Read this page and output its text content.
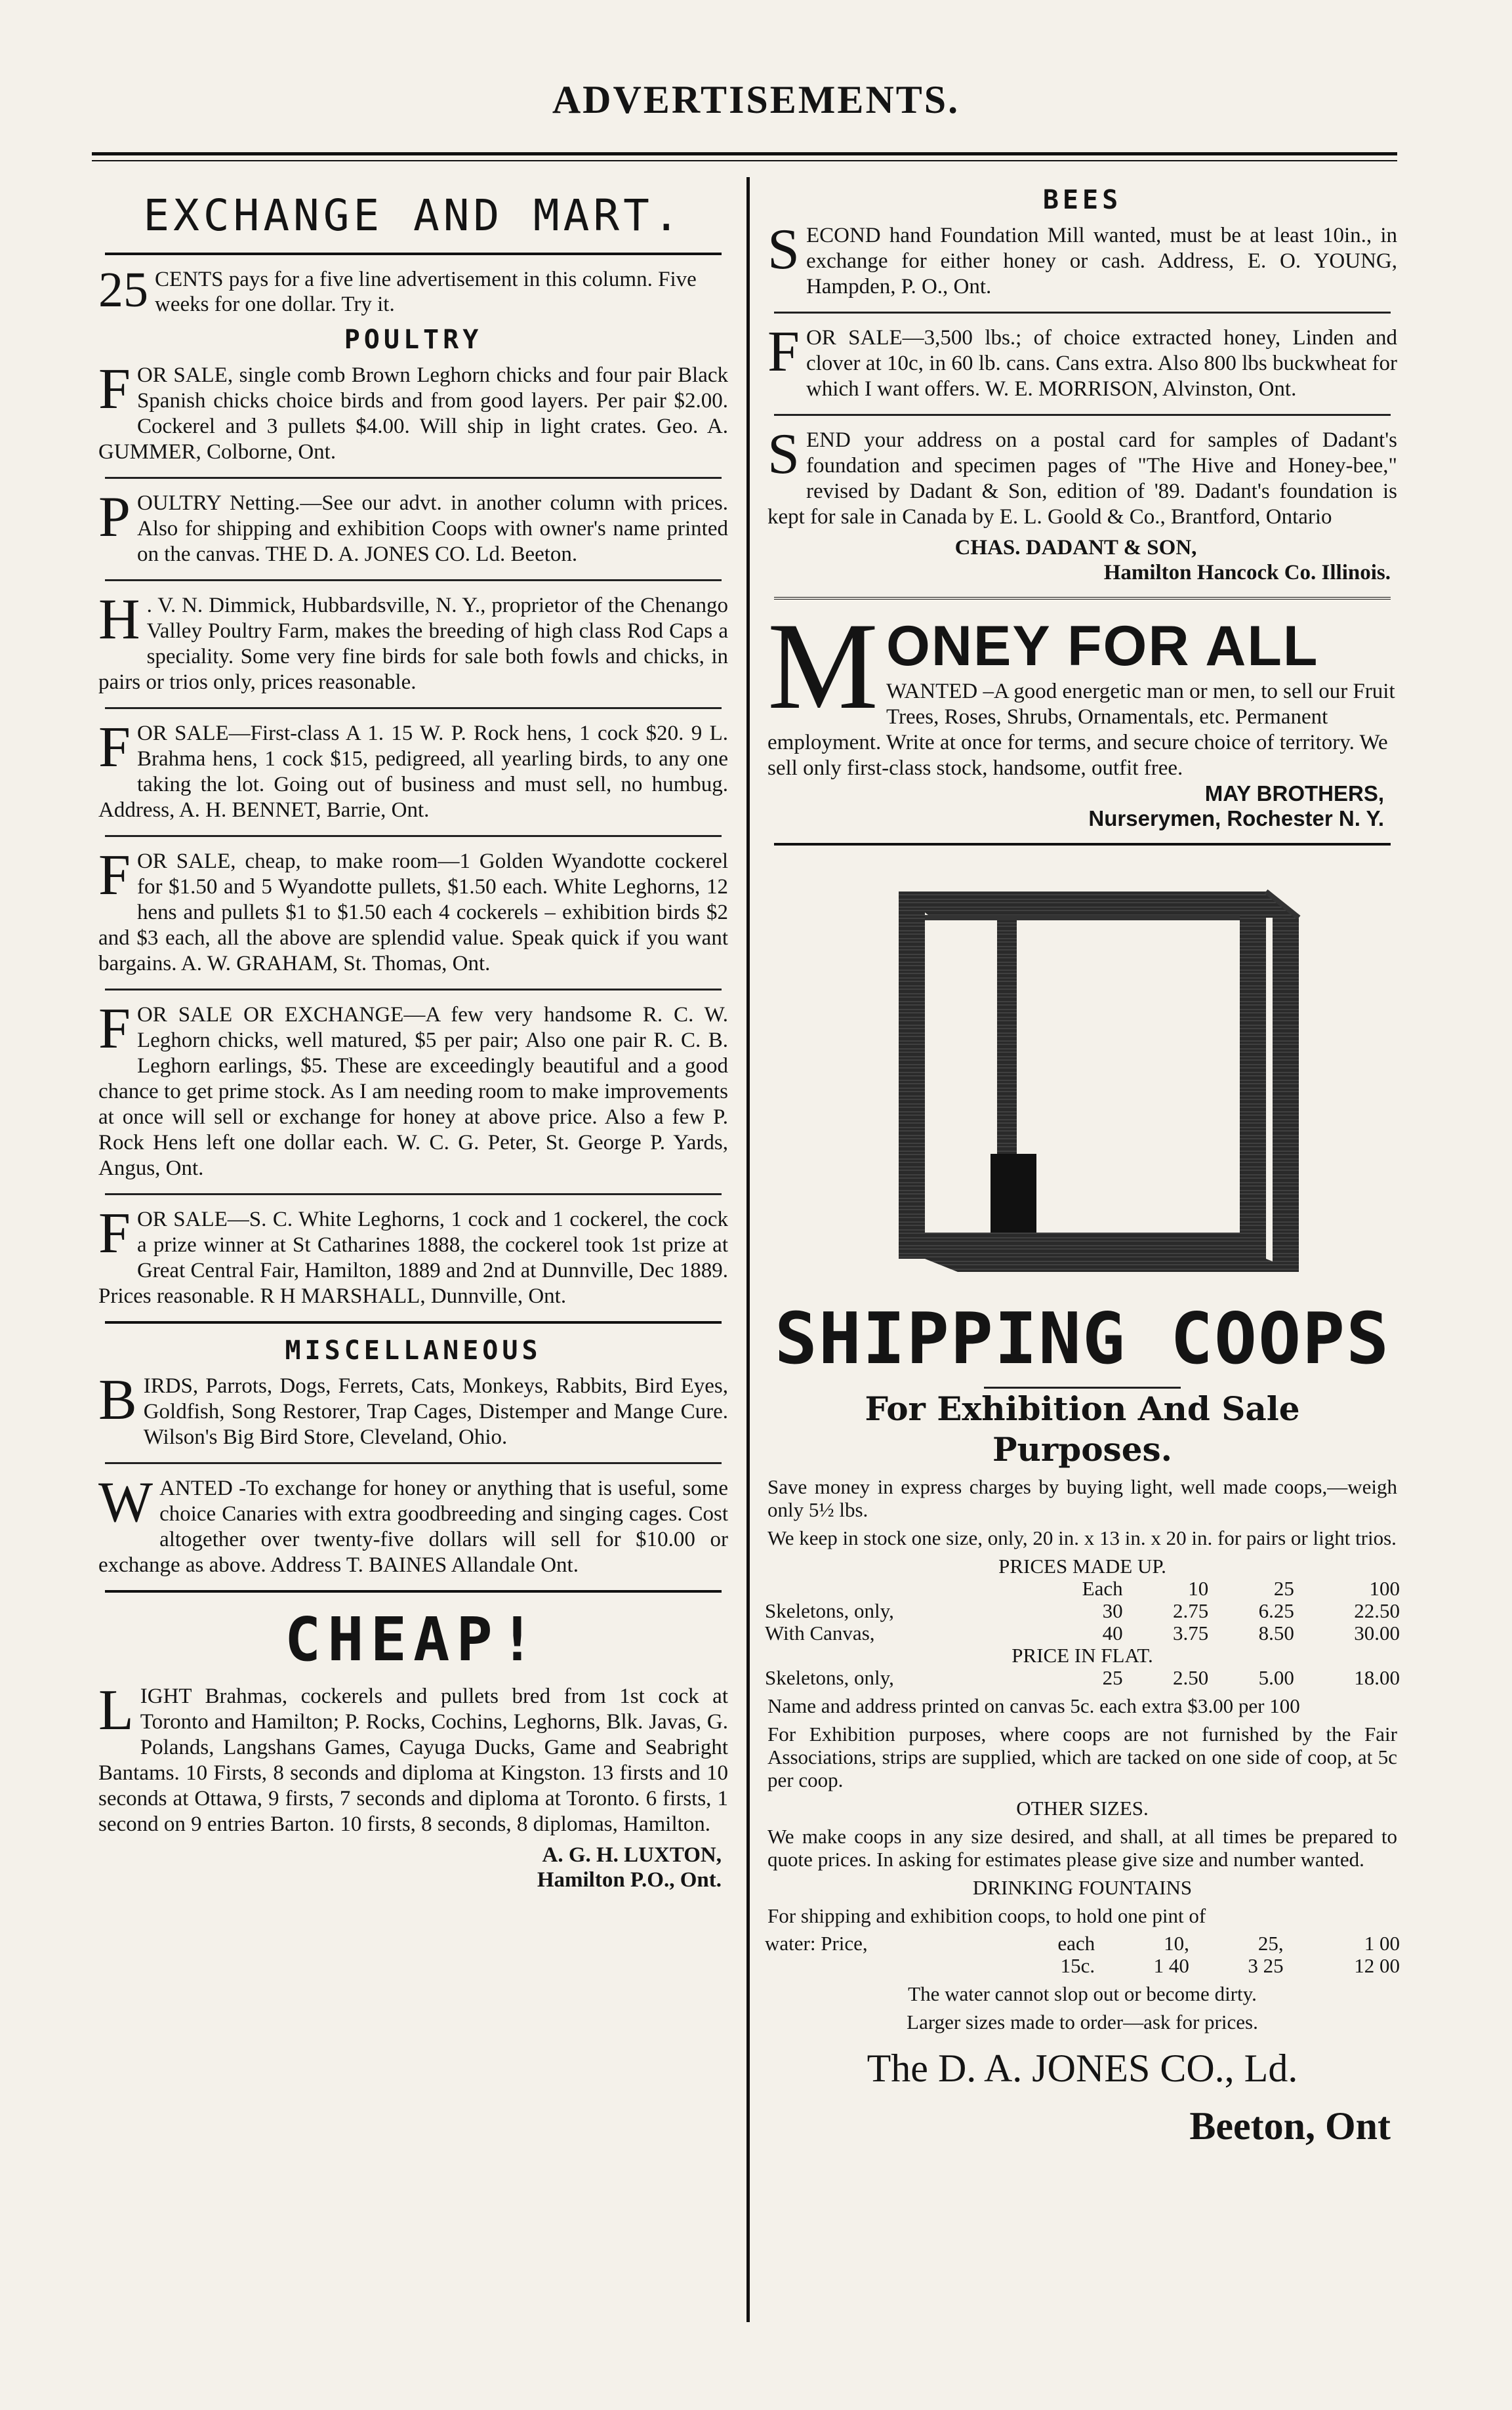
ADVERTISEMENTS.
EXCHANGE AND MART.
25 CENTS pays for a five line advertisement in this column. Five weeks for one dollar. Try it.
POULTRY
FOR SALE, single comb Brown Leghorn chicks and four pair Black Spanish chicks choice birds and from good layers. Per pair $2.00. Cockerel and 3 pullets $4.00. Will ship in light crates. Geo. A. GUMMER, Colborne, Ont.
POULTRY Netting.—See our advt. in another column with prices. Also for shipping and exhibition Coops with owner's name printed on the canvas. THE D. A. JONES CO. Ld. Beeton.
H . V. N. Dimmick, Hubbardsville, N. Y., proprietor of the Chenango Valley Poultry Farm, makes the breeding of high class Rod Caps a speciality. Some very fine birds for sale both fowls and chicks, in pairs or trios only, prices reasonable.
FOR SALE—First-class A 1. 15 W. P. Rock hens, 1 cock $20. 9 L. Brahma hens, 1 cock $15, pedigreed, all yearling birds, to any one taking the lot. Going out of business and must sell, no humbug. Address, A. H. BENNET, Barrie, Ont.
FOR SALE, cheap, to make room—1 Golden Wyandotte cockerel for $1.50 and 5 Wyandotte pullets, $1.50 each. White Leghorns, 12 hens and pullets $1 to $1.50 each 4 cockerels – exhibition birds $2 and $3 each, all the above are splendid value. Speak quick if you want bargains. A. W. GRAHAM, St. Thomas, Ont.
FOR SALE OR EXCHANGE—A few very handsome R. C. W. Leghorn chicks, well matured, $5 per pair; Also one pair R. C. B. Leghorn earlings, $5. These are exceedingly beautiful and a good chance to get prime stock. As I am needing room to make improvements at once will sell or exchange for honey at above price. Also a few P. Rock Hens left one dollar each. W. C. G. Peter, St. George P. Yards, Angus, Ont.
FOR SALE—S. C. White Leghorns, 1 cock and 1 cockerel, the cock a prize winner at St Catharines 1888, the cockerel took 1st prize at Great Central Fair, Hamilton, 1889 and 2nd at Dunnville, Dec 1889. Prices reasonable. R H MARSHALL, Dunnville, Ont.
MISCELLANEOUS
BIRDS, Parrots, Dogs, Ferrets, Cats, Monkeys, Rabbits, Bird Eyes, Goldfish, Song Restorer, Trap Cages, Distemper and Mange Cure. Wilson's Big Bird Store, Cleveland, Ohio.
WANTED -To exchange for honey or anything that is useful, some choice Canaries with extra goodbreeding and singing cages. Cost altogether over twenty-five dollars will sell for $10.00 or exchange as above. Address T. BAINES Allandale Ont.
CHEAP!
LIGHT Brahmas, cockerels and pullets bred from 1st cock at Toronto and Hamilton; P. Rocks, Cochins, Leghorns, Blk. Javas, G. Polands, Langshans Games, Cayuga Ducks, Game and Seabright Bantams. 10 Firsts, 8 seconds and diploma at Kingston. 13 firsts and 10 seconds at Ottawa, 9 firsts, 7 seconds and diploma at Toronto. 6 firsts, 1 second on 9 entries Barton. 10 firsts, 8 seconds, 8 diplomas, Hamilton.
A. G. H. LUXTON,
Hamilton P.O., Ont.
BEES
SECOND hand Foundation Mill wanted, must be at least 10in., in exchange for either honey or cash. Address, E. O. YOUNG, Hampden, P. O., Ont.
FOR SALE—3,500 lbs.; of choice extracted honey, Linden and clover at 10c, in 60 lb. cans. Cans extra. Also 800 lbs buckwheat for which I want offers. W. E. MORRISON, Alvinston, Ont.
SEND your address on a postal card for samples of Dadant's foundation and specimen pages of "The Hive and Honey-bee," revised by Dadant & Son, edition of '89. Dadant's foundation is kept for sale in Canada by E. L. Goold & Co., Brantford, Ontario
CHAS. DADANT & SON,
Hamilton Hancock Co. Illinois.
M ONEY FOR ALL
WANTED –A good energetic man or men, to sell our Fruit Trees, Roses, Shrubs, Ornamentals, etc. Permanent employment. Write at once for terms, and secure choice of territory. We sell only first-class stock, handsome, outfit free.
MAY BROTHERS,
Nurserymen, Rochester N. Y.
SHIPPING COOPS
For Exhibition And Sale
Purposes.
Save money in express charges by buying light, well made coops,—weigh only 5½ lbs.
We keep in stock one size, only, 20 in. x 13 in. x 20 in. for pairs or light trios.
PRICES MADE UP.
	Each	10	25	100
Skeletons, only,	30	2.75	6.25	22.50
With Canvas,	40	3.75	8.50	30.00
PRICE IN FLAT.				
Skeletons, only,	25	2.50	5.00	18.00
Name and address printed on canvas 5c. each extra $3.00 per 100
For Exhibition purposes, where coops are not furnished by the Fair Associations, strips are supplied, which are tacked on one side of coop, at 5c per coop.
OTHER SIZES.
We make coops in any size desired, and shall, at all times be prepared to quote prices. In asking for estimates please give size and number wanted.
DRINKING FOUNTAINS
For shipping and exhibition coops, to hold one pint of
water: Price,	each	10,	25,	1 00
	15c.	1 40	3 25	12 00
The water cannot slop out or become dirty.
Larger sizes made to order—ask for prices.
The D. A. JONES CO., Ld.
Beeton, Ont
